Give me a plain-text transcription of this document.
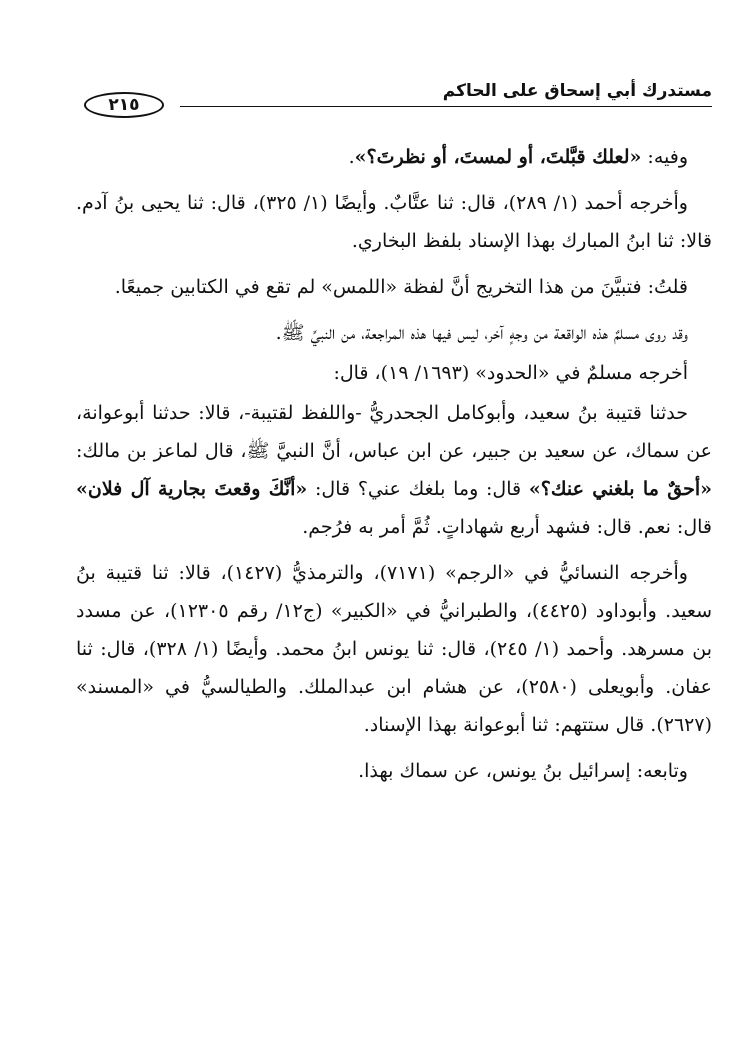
مستدرك أبي إسحاق على الحاكم
٢١٥

وفيه: «لعلك قبَّلتَ، أو لمستَ، أو نظرتَ؟».

وأخرجه أحمد (١/ ٢٨٩)، قال: ثنا عتَّابٌ. وأيضًا (١/ ٣٢٥)، قال: ثنا يحيى بنُ آدم. قالا: ثنا ابنُ المبارك بهذا الإسناد بلفظ البخاري.

قلتُ: فتبيَّنَ من هذا التخريج أنَّ لفظة «اللمس» لم تقع في الكتابين جميعًا.

وقد روى مسلمٌ هذه الواقعة من وجهٍ آخر، ليس فيها هذه المراجعة، من النبيِّ ﷺ.

أخرجه مسلمٌ في «الحدود» (١٦٩٣/ ١٩)، قال:

حدثنا قتيبة بنُ سعيد، وأبوكامل الجحدريُّ -واللفظ لقتيبة-، قالا: حدثنا أبوعوانة، عن سماك، عن سعيد بن جبير، عن ابن عباس، أنَّ النبيَّ ﷺ، قال لماعز بن مالك: «أحقٌ ما بلغني عنك؟» قال: وما بلغك عني؟ قال: «أنَّكَ وقعتَ بجارية آل فلان» قال: نعم. قال: فشهد أربع شهاداتٍ. ثُمَّ أمر به فرُجم.

وأخرجه النسائيُّ في «الرجم» (٧١٧١)، والترمذيُّ (١٤٢٧)، قالا: ثنا قتيبة بنُ سعيد. وأبوداود (٤٤٢٥)، والطبرانيُّ في «الكبير» (ج١٢/ رقم ١٢٣٠٥)، عن مسدد بن مسرهد. وأحمد (١/ ٢٤٥)، قال: ثنا يونس ابنُ محمد. وأيضًا (١/ ٣٢٨)، قال: ثنا عفان. وأبويعلى (٢٥٨٠)، عن هشام ابن عبدالملك. والطيالسيُّ في «المسند» (٢٦٢٧). قال ستتهم: ثنا أبوعوانة بهذا الإسناد.

وتابعه: إسرائيل بنُ يونس، عن سماك بهذا.
